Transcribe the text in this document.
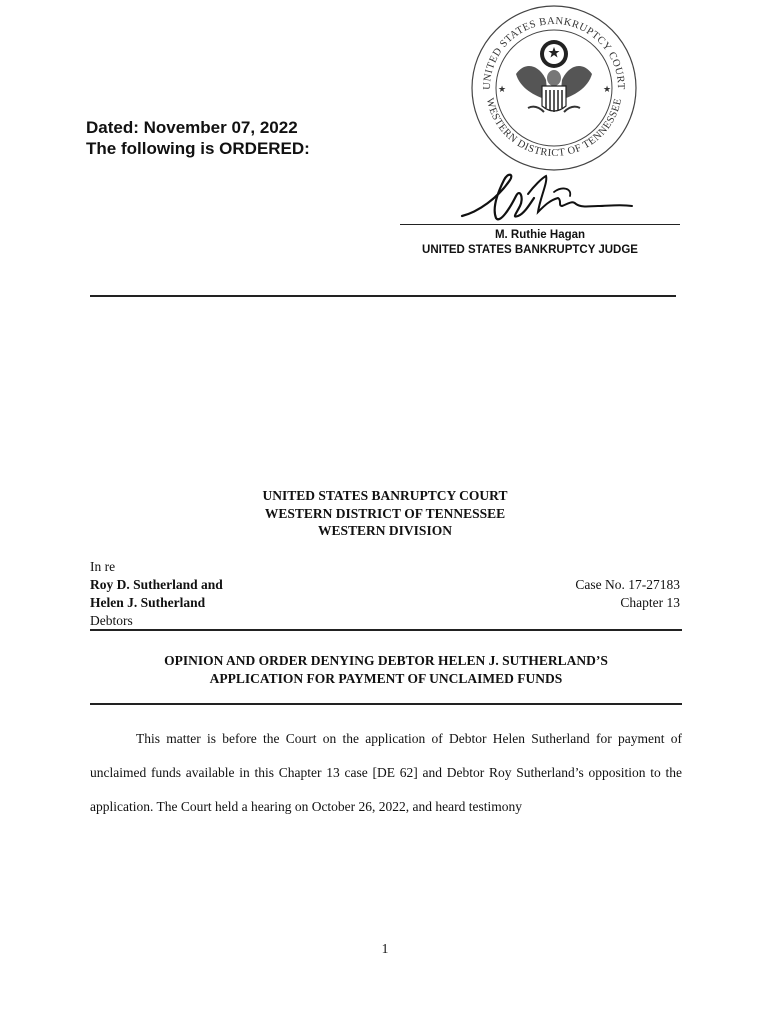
Dated: November 07, 2022
The following is ORDERED:
UNITED STATES BANKRUPTCY COURT
WESTERN DISTRICT OF TENNESSEE
★	★
M. Ruthie Hagan
UNITED STATES BANKRUPTCY JUDGE
UNITED STATES BANRUPTCY COURT
WESTERN DISTRICT OF TENNESSEE
WESTERN DIVISION
In re
Roy D. Sutherland and
Helen J. Sutherland
Debtors
Case No. 17-27183
Chapter 13
OPINION AND ORDER DENYING DEBTOR HELEN J. SUTHERLAND’S
APPLICATION FOR PAYMENT OF UNCLAIMED FUNDS

This matter is before the Court on the application of Debtor Helen Sutherland for payment of unclaimed funds available in this Chapter 13 case [DE 62] and Debtor Roy Sutherland’s opposition to the application. The Court held a hearing on October 26, 2022, and heard testimony

1
